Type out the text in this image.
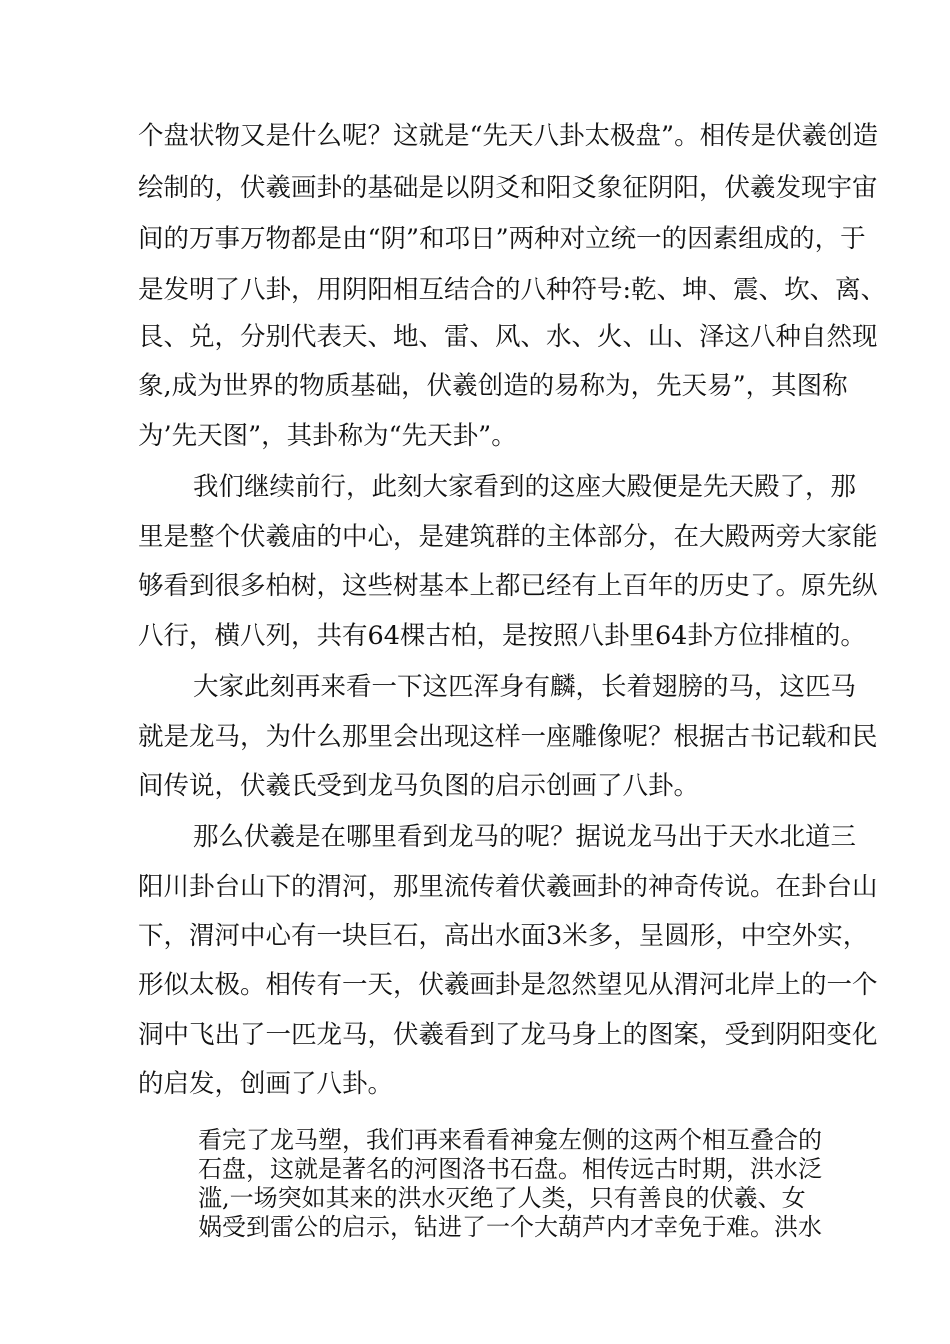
个盘状物又是什么呢？这就是“先天八卦太极盘”。相传是伏羲创造

绘制的，伏羲画卦的基础是以阴爻和阳爻象征阴阳，伏羲发现宇宙

间的万事万物都是由“阴”和邛日”两种对立统一的因素组成的，于

是发明了八卦，用阴阳相互结合的八种符号:乾、坤、震、坎、离、

艮、兑，分别代表天、地、雷、风、水、火、山、泽这八种自然现

象,成为世界的物质基础，伏羲创造的易称为，先天易”，其图称

为’先天图”，其卦称为“先天卦”。

我们继续前行，此刻大家看到的这座大殿便是先天殿了，那

里是整个伏羲庙的中心，是建筑群的主体部分，在大殿两旁大家能

够看到很多柏树，这些树基本上都已经有上百年的历史了。原先纵

八行，横八列，共有64棵古柏，是按照八卦里64卦方位排植的。

大家此刻再来看一下这匹浑身有麟，长着翅膀的马，这匹马

就是龙马，为什么那里会出现这样一座雕像呢？根据古书记载和民

间传说，伏羲氏受到龙马负图的启示创画了八卦。

那么伏羲是在哪里看到龙马的呢？据说龙马出于天水北道三

阳川卦台山下的渭河，那里流传着伏羲画卦的神奇传说。在卦台山

下，渭河中心有一块巨石，高出水面3米多，呈圆形，中空外实，

形似太极。相传有一天，伏羲画卦是忽然望见从渭河北岸上的一个

洞中飞出了一匹龙马，伏羲看到了龙马身上的图案，受到阴阳变化

的启发，创画了八卦。

看完了龙马塑，我们再来看看神龛左侧的这两个相互叠合的

石盘，这就是著名的河图洛书石盘。相传远古时期，洪水泛

滥,一场突如其来的洪水灭绝了人类，只有善良的伏羲、女

娲受到雷公的启示，钻进了一个大葫芦内才幸免于难。洪水
